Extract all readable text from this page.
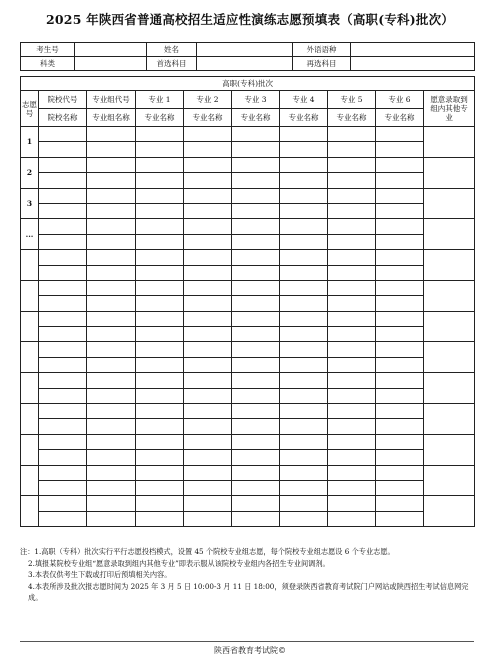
2025 年陕西省普通高校招生适应性演练志愿预填表（高职(专科)批次）
考生号		姓名		外语语种	
科类		首选科目		再选科目	
高职(专科)批次									
志愿号	院校代号	专业组代号	专业 1	专业 2	专业 3	专业 4	专业 5	专业 6	愿意录取到组内其他专业
	院校名称	专业组名称	专业名称	专业名称	专业名称	专业名称	专业名称	专业名称	
1									

2									

3									

...									

注：1.高职（专科）批次实行平行志愿投档模式，设置 45 个院校专业组志愿，每个院校专业组志愿设 6 个专业志愿。

2.填报某院校专业组“愿意录取到组内其他专业”即表示服从该院校专业组内各招生专业间调剂。

3.本表仅供考生下载或打印后预填相关内容。

4.本表所涉及批次报志愿时间为 2025 年 3 月 5 日 10:00-3 月 11 日 18:00，须登录陕西省教育考试院门户网站或陕西招生考试信息网完成。

陕西省教育考试院©
